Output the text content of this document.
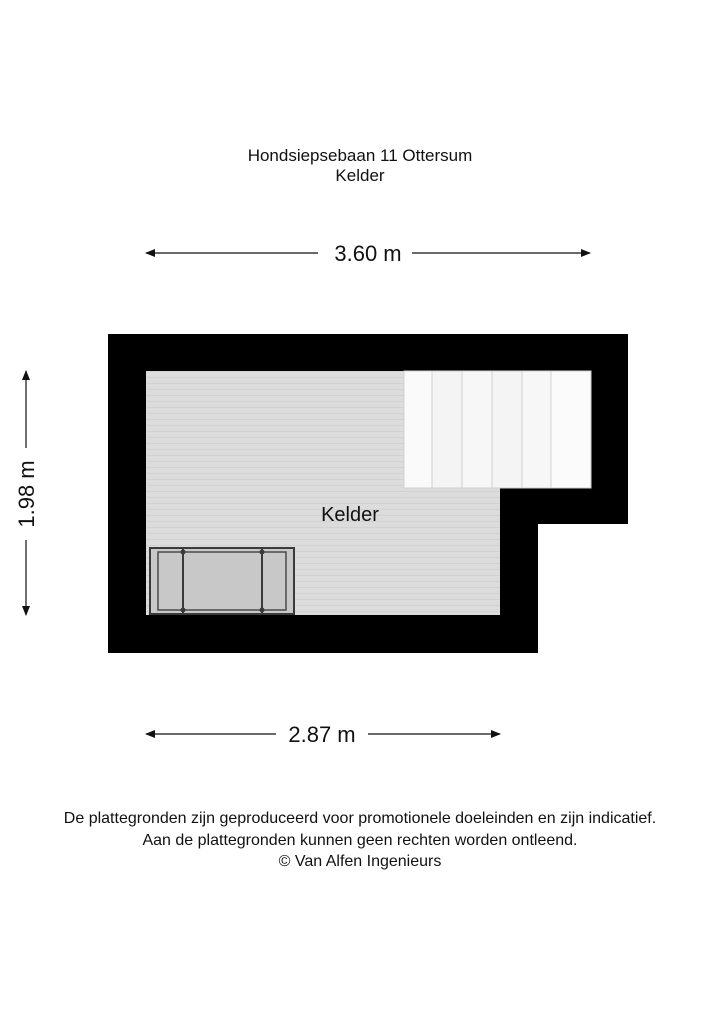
Hondsiepsebaan 11 Ottersum
Kelder
3.60 m
Kelder
1.98 m
2.87 m
De plattegronden zijn geproduceerd voor promotionele doeleinden en zijn indicatief.
Aan de plattegronden kunnen geen rechten worden ontleend.
© Van Alfen Ingenieurs
